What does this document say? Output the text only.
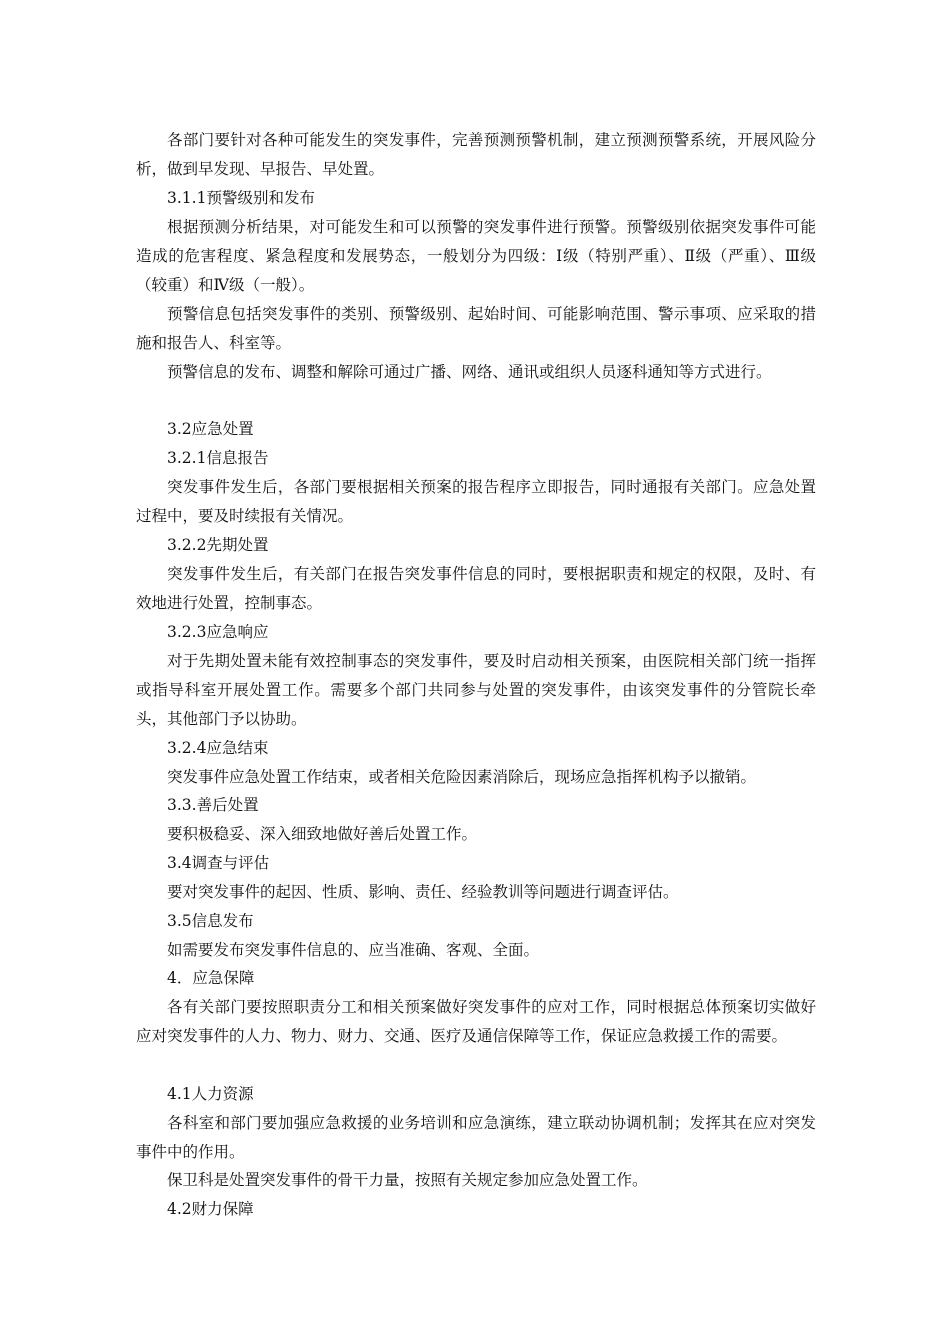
各部门要针对各种可能发生的突发事件，完善预测预警机制，建立预测预警系统，开展风险分析，做到早发现、早报告、早处置。

3.1.1预警级别和发布

根据预测分析结果，对可能发生和可以预警的突发事件进行预警。预警级别依据突发事件可能造成的危害程度、紧急程度和发展势态，一般划分为四级：Ⅰ级（特别严重）、Ⅱ级（严重）、Ⅲ级（较重）和Ⅳ级（一般）。

预警信息包括突发事件的类别、预警级别、起始时间、可能影响范围、警示事项、应采取的措施和报告人、科室等。

预警信息的发布、调整和解除可通过广播、网络、通讯或组织人员逐科通知等方式进行。

3.2应急处置

3.2.1信息报告

突发事件发生后，各部门要根据相关预案的报告程序立即报告，同时通报有关部门。应急处置过程中，要及时续报有关情况。

3.2.2先期处置

突发事件发生后，有关部门在报告突发事件信息的同时，要根据职责和规定的权限，及时、有效地进行处置，控制事态。

3.2.3应急响应

对于先期处置未能有效控制事态的突发事件，要及时启动相关预案，由医院相关部门统一指挥或指导科室开展处置工作。需要多个部门共同参与处置的突发事件，由该突发事件的分管院长牵头，其他部门予以协助。

3.2.4应急结束

突发事件应急处置工作结束，或者相关危险因素消除后，现场应急指挥机构予以撤销。

3.3.善后处置

要积极稳妥、深入细致地做好善后处置工作。

3.4调查与评估

要对突发事件的起因、性质、影响、责任、经验教训等问题进行调查评估。

3.5信息发布

如需要发布突发事件信息的、应当准确、客观、全面。

4．应急保障

各有关部门要按照职责分工和相关预案做好突发事件的应对工作，同时根据总体预案切实做好应对突发事件的人力、物力、财力、交通、医疗及通信保障等工作，保证应急救援工作的需要。

4.1人力资源

各科室和部门要加强应急救援的业务培训和应急演练，建立联动协调机制；发挥其在应对突发事件中的作用。

保卫科是处置突发事件的骨干力量，按照有关规定参加应急处置工作。

4.2财力保障
